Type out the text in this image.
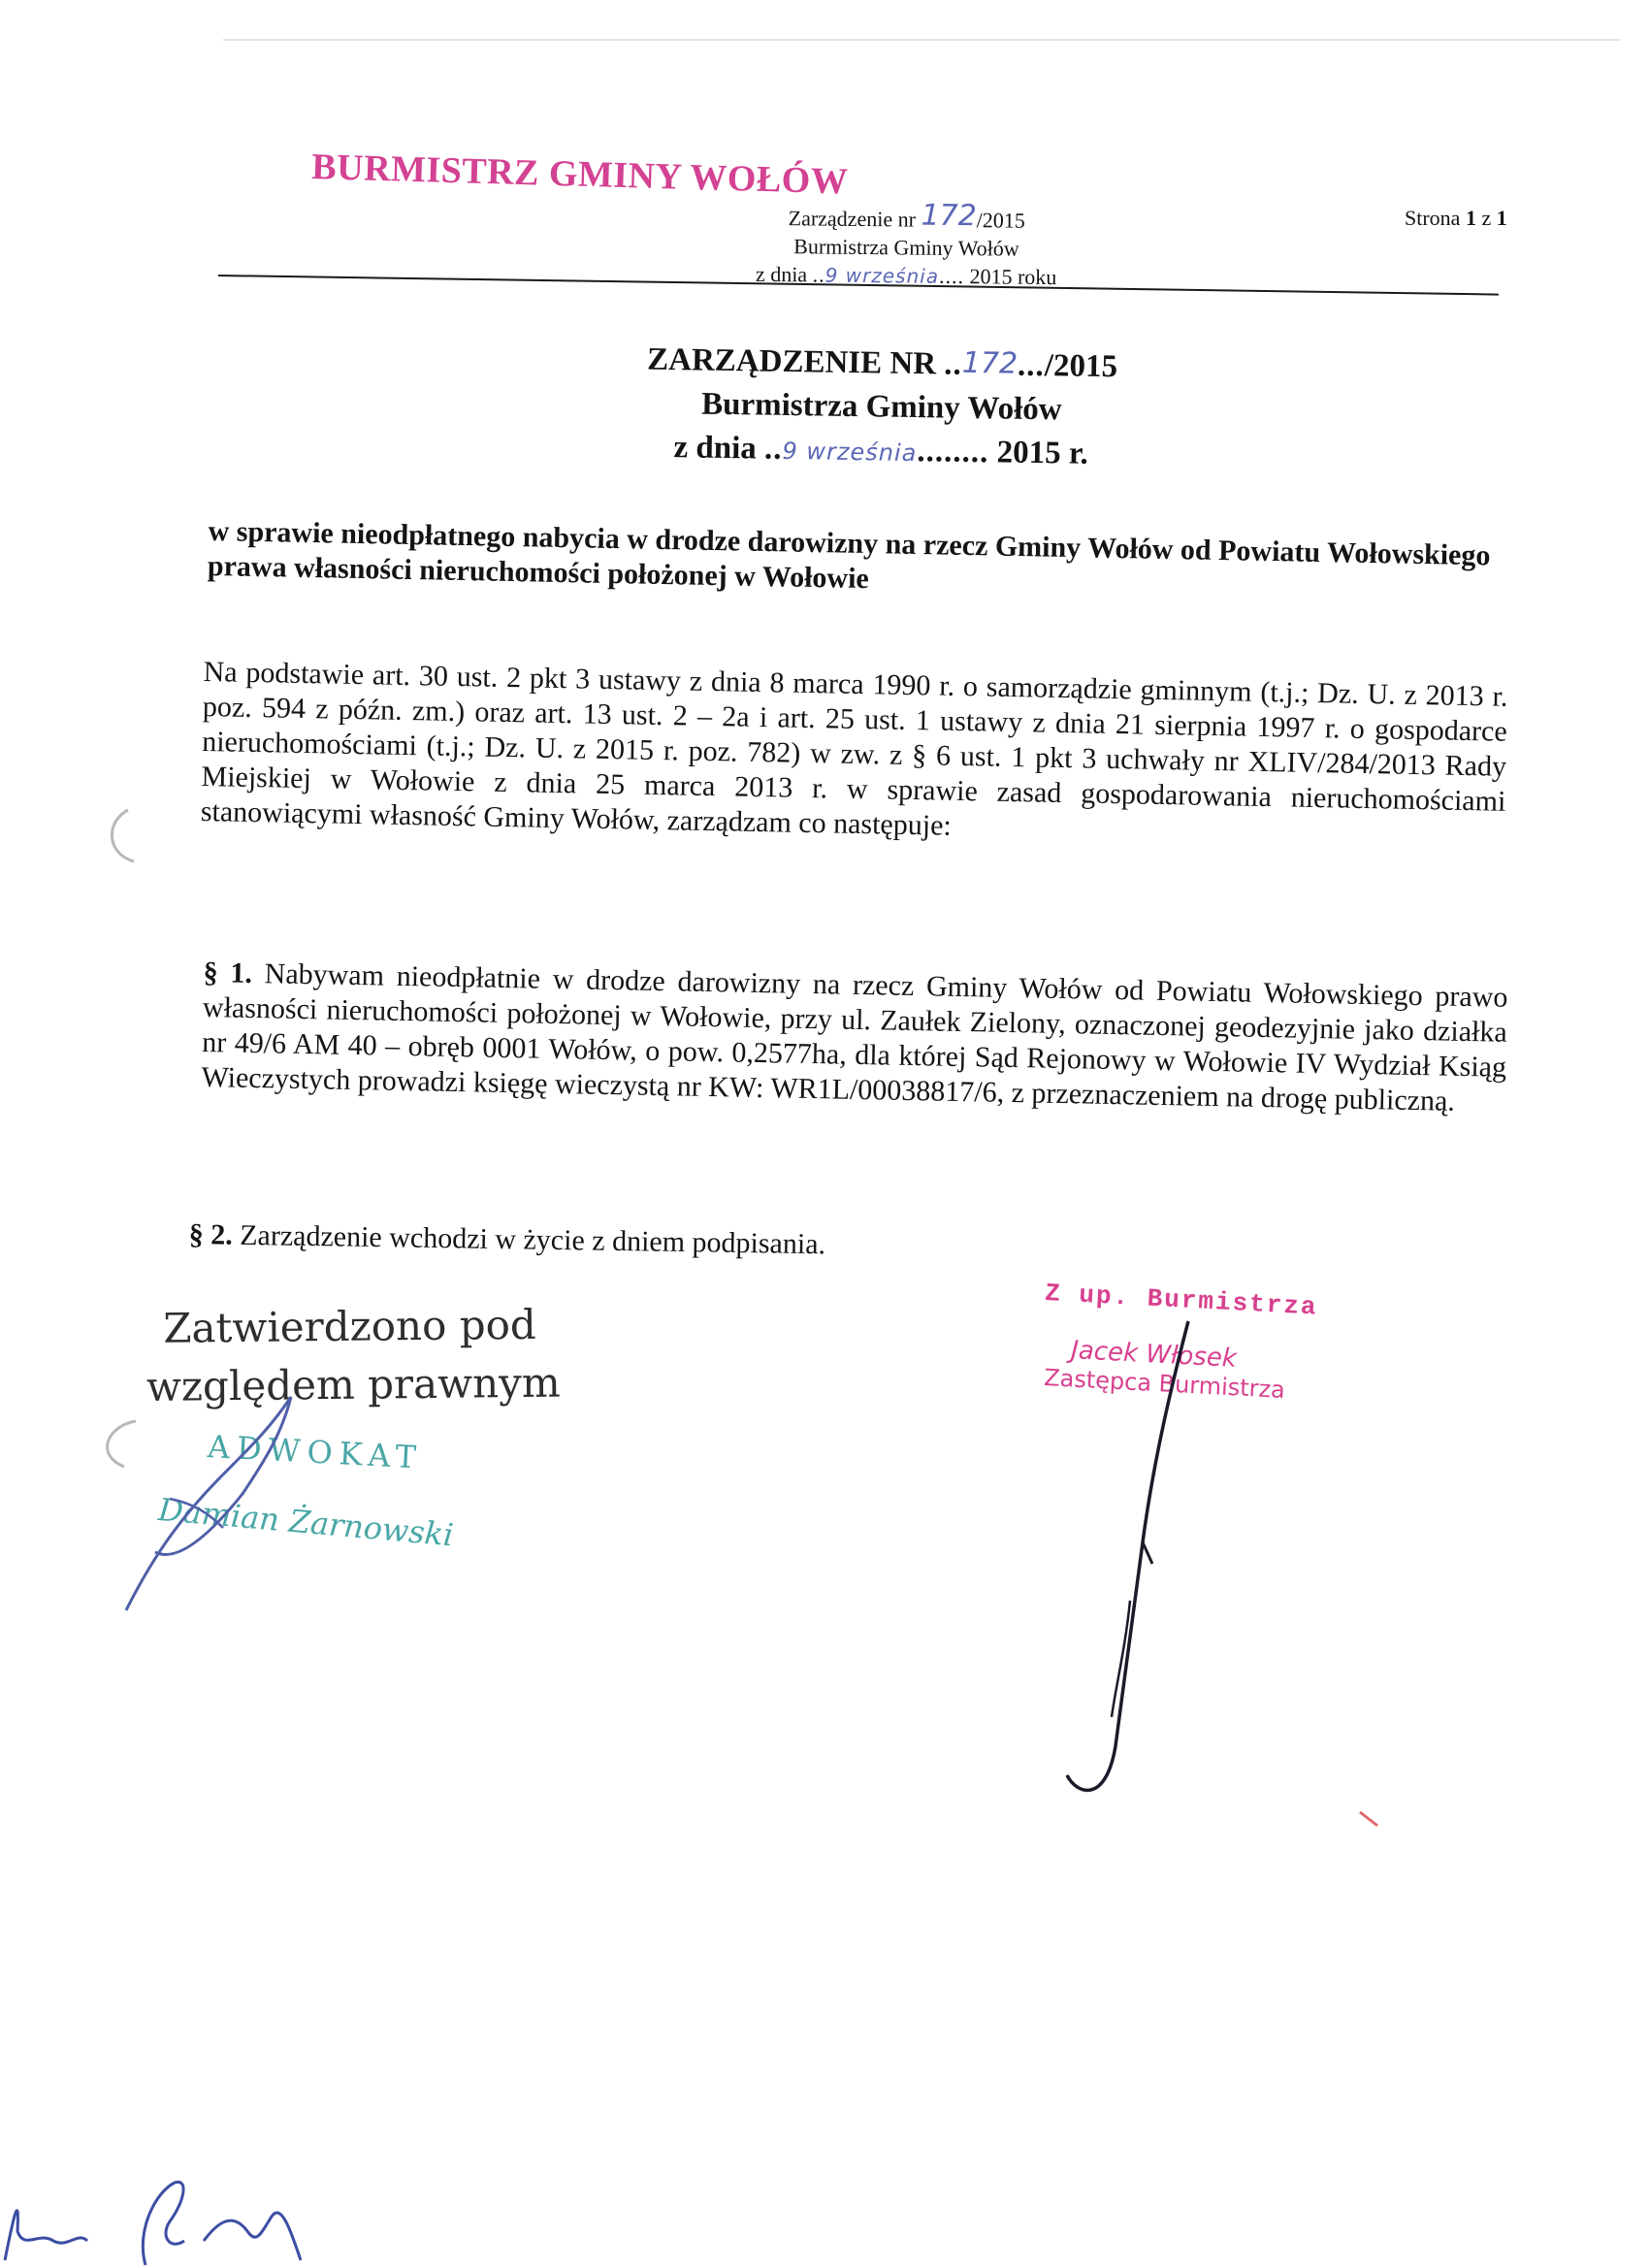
BURMISTRZ GMINY WOŁÓW
Zarządzenie nr 172/2015
Burmistrza Gminy Wołów
z dnia ..9 września.... 2015 roku
Strona 1 z 1
ZARZĄDZENIE NR ..172.../2015
Burmistrza Gminy Wołów
z dnia ..9 września........ 2015 r.
w sprawie nieodpłatnego nabycia w drodze darowizny na rzecz Gminy Wołów od Powiatu Wołowskiego prawa własności nieruchomości położonej w Wołowie
Na podstawie art. 30 ust. 2 pkt 3 ustawy z dnia 8 marca 1990 r. o samorządzie gminnym (t.j.; Dz. U. z 2013 r. poz. 594 z późn. zm.) oraz art. 13 ust. 2 – 2a i art. 25 ust. 1 ustawy z dnia 21 sierpnia 1997 r. o gospodarce nieruchomościami (t.j.; Dz. U. z 2015 r. poz. 782) w zw. z § 6 ust. 1 pkt 3 uchwały nr XLIV/284/2013 Rady Miejskiej w Wołowie z dnia 25 marca 2013 r. w sprawie zasad gospodarowania nieruchomościami stanowiącymi własność Gminy Wołów, zarządzam co następuje:
§ 1. Nabywam nieodpłatnie w drodze darowizny na rzecz Gminy Wołów od Powiatu Wołowskiego prawo własności nieruchomości położonej w Wołowie, przy ul. Zaułek Zielony, oznaczonej geodezyjnie jako działka nr 49/6 AM 40 – obręb 0001 Wołów, o pow. 0,2577ha, dla której Sąd Rejonowy w Wołowie IV Wydział Ksiąg Wieczystych prowadzi księgę wieczystą nr KW: WR1L/00038817/6, z przeznaczeniem na drogę publiczną.
§ 2. Zarządzenie wchodzi w życie z dniem podpisania.
Zatwierdzono pod
względem prawnym
ADWOKAT
Damian Żarnowski
Z up. Burmistrza
Jacek Włosek
Zastępca Burmistrza
